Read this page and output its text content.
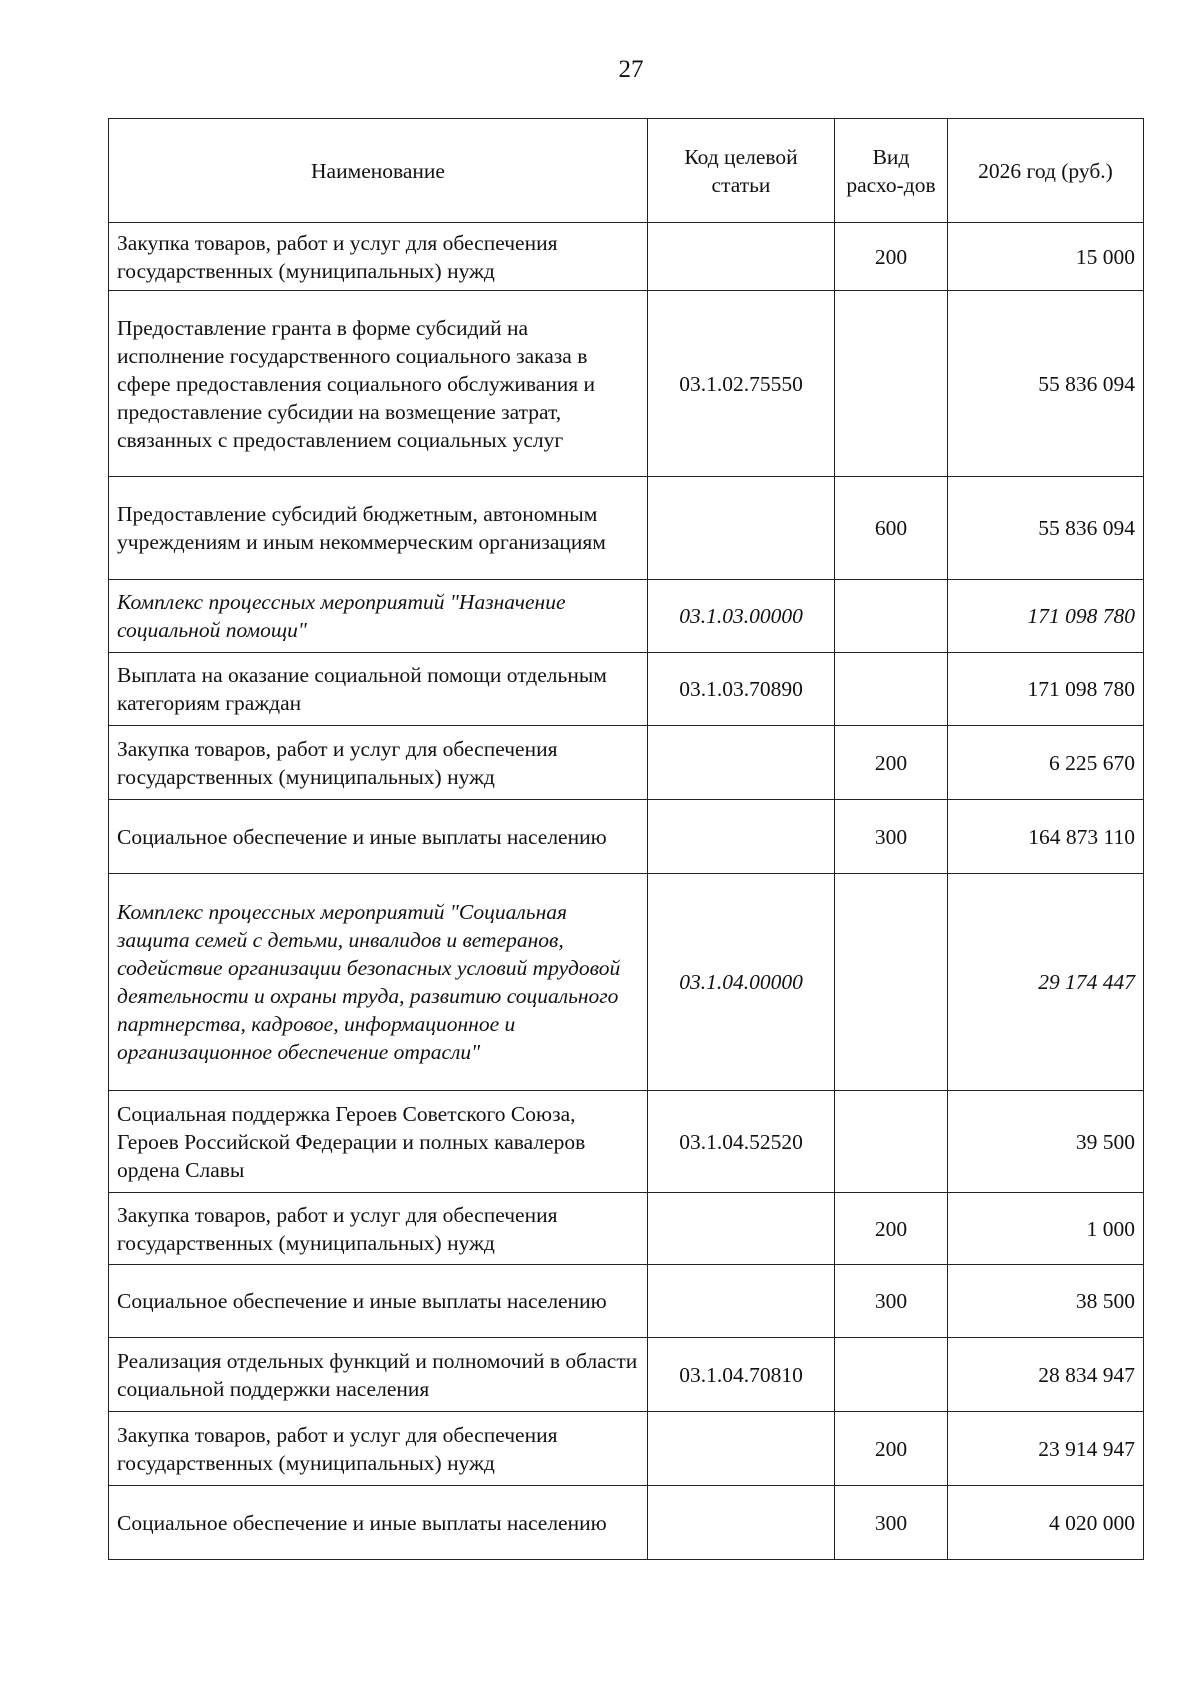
27
Наименование	Код целевой статьи	Вид расхо-дов	2026 год (руб.)
Закупка товаров, работ и услуг для обеспечения государственных (муниципальных) нужд		200	15 000
Предоставление гранта в форме субсидий на исполнение государственного социального заказа в сфере предоставления социального обслуживания и предоставление субсидии на возмещение затрат, связанных с предоставлением социальных услуг	03.1.02.75550		55 836 094
Предоставление субсидий бюджетным, автономным учреждениям и иным некоммерческим организациям		600	55 836 094
Комплекс процессных мероприятий "Назначение социальной помощи"	03.1.03.00000		171 098 780
Выплата на оказание социальной помощи отдельным категориям граждан	03.1.03.70890		171 098 780
Закупка товаров, работ и услуг для обеспечения государственных (муниципальных) нужд		200	6 225 670
Социальное обеспечение и иные выплаты населению		300	164 873 110
Комплекс процессных мероприятий "Социальная защита семей с детьми, инвалидов и ветеранов, содействие организации безопасных условий трудовой деятельности и охраны труда, развитию социального партнерства, кадровое, информационное и организационное обеспечение отрасли"	03.1.04.00000		29 174 447
Социальная поддержка Героев Советского Союза, Героев Российской Федерации и полных кавалеров ордена Славы	03.1.04.52520		39 500
Закупка товаров, работ и услуг для обеспечения государственных (муниципальных) нужд		200	1 000
Социальное обеспечение и иные выплаты населению		300	38 500
Реализация отдельных функций и полномочий в области социальной поддержки населения	03.1.04.70810		28 834 947
Закупка товаров, работ и услуг для обеспечения государственных (муниципальных) нужд		200	23 914 947
Социальное обеспечение и иные выплаты населению		300	4 020 000
